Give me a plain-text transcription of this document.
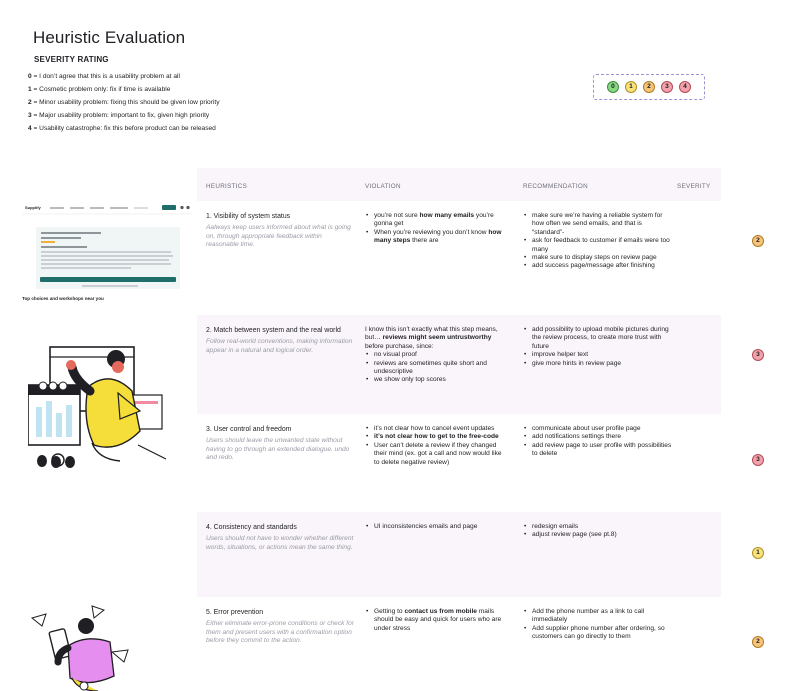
Heuristic Evaluation
SEVERITY RATING
0 = I don’t agree that this is a usability problem at all
1 = Cosmetic problem only: fix if time is available
2 = Minor usability problem: fixing this should be given low priority
3 = Major usability problem: important to fix, given high priority
4 = Usability catastrophe: fix this before product can be released
0	1	2	3	4
HEURISTICS	VIOLATION	RECOMMENDATION	SEVERITY
1. Visibility of system status
Aalways keep users informed about what is going on, through appropriate feedback within reasonable time.
• you’re not sure how many emails you’re gonna get
• When you’re reviewing you don’t know how many steps there are
• make sure we’re having a reliable system for how often we send emails, and that is “standard”-
• ask for feedback to customer if emails were too many
• make sure to display steps on review page
• add success page/message after finishing
2. Match between system and the real world
Follow real-world conventions, making information appear in a natural and logical order.

I know this isn’t exactly what this step means, but… reviews might seem untrustworthy before purchase, since:

• no visual proof
• reviews are sometimes quite short and undescriptive
• we show only top scores
• add possibility to upload mobile pictures during the review process, to create more trust with future
• improve helper text
• give more hints in review page
3. User control and freedom
Users should leave the unwanted state without having to go through an extended dialogue. undo and redo.
• it’s not clear how to cancel event updates
• it’s not clear how to get to the free-code
• User can’t delete a review if they changed their mind (ex. got a call and now would like to delete negative review)
• communicate about user profile page
• add notifications settings there
• add review page to user profile with possibilities to delete
4. Consistency and standards
Users should not have to wonder whether different words, situations, or actions mean the same thing.
• UI inconsistencies emails and page
•	redesign emails
• adjust review page (see pt.8)
5. Error prevention
Either eliminate error-prone conditions or check for them and present users with a confirmation option before they commit to the action.
• Getting to contact us from mobile mails should be easy and quick for users who are under stress
• Add the phone number as a link to call immediately
• Add supplier phone number after ordering, so customers can go directly to them
Supplify
Top choices and workshops near you
2
3
3
1
2
